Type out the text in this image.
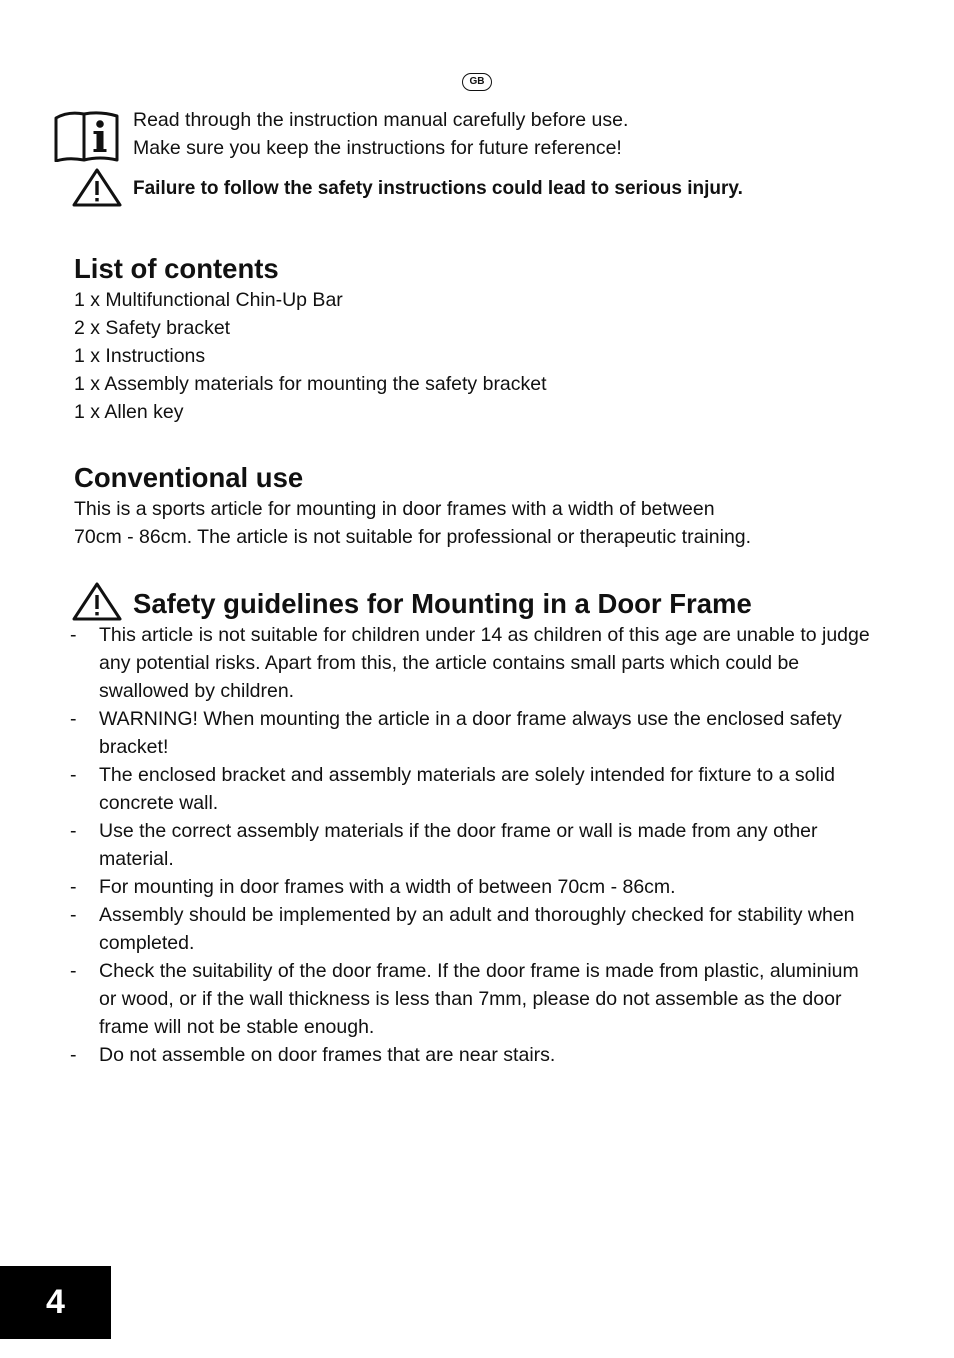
GB
Read through the instruction manual carefully before use.
Make sure you keep the instructions for future reference!
Failure to follow the safety instructions could lead to serious injury.
List of contents
1 x Multifunctional Chin-Up Bar
2 x Safety bracket
1 x Instructions
1 x Assembly materials for mounting the safety bracket
1 x Allen key
Conventional use
This is a sports article for mounting in door frames with a width of between
70cm - 86cm. The article is not suitable for professional or therapeutic training.
Safety guidelines for Mounting in a Door Frame
- This article is not suitable for children under 14 as children of this age are unable to judge any potential risks. Apart from this, the article contains small parts which could be swallowed by children.
- WARNING! When mounting the article in a door frame always use the enclosed safety bracket!
- The enclosed bracket and assembly materials are solely intended for fixture to a solid concrete wall.
- Use the correct assembly materials if the door frame or wall is made from any other material.
- For mounting in door frames with a width of between 70cm - 86cm.
- Assembly should be implemented by an adult and thoroughly checked for stability when completed.
- Check the suitability of the door frame. If the door frame is made from plastic, aluminium or wood, or if the wall thickness is less than 7mm, please do not assemble as the door frame will not be stable enough.
- Do not assemble on door frames that are near stairs.
4
